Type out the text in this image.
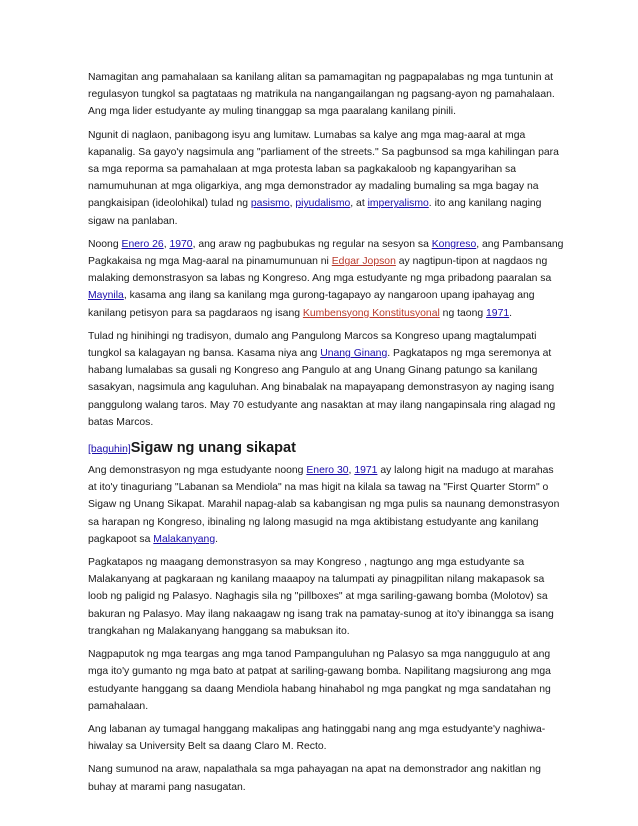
Namagitan ang pamahalaan sa kanilang alitan sa pamamagitan ng pagpapalabas ng mga tuntunin at regulasyon tungkol sa pagtataas ng matrikula na nangangailangan ng pagsang-ayon ng pamahalaan. Ang mga lider estudyante ay muling tinanggap sa mga paaralang kanilang pinili.

Ngunit di naglaon, panibagong isyu ang lumitaw. Lumabas sa kalye ang mga mag-aaral at mga kapanalig. Sa gayo'y nagsimula ang "parliament of the streets." Sa pagbunsod sa mga kahilingan para sa mga reporma sa pamahalaan at mga protesta laban sa pagkakaloob ng kapangyarihan sa namumuhunan at mga oligarkiya, ang mga demonstrador ay madaling bumaling sa mga bagay na pangkaisipan (ideolohikal) tulad ng pasismo, piyudalismo, at imperyalismo. ito ang kanilang naging sigaw na panlaban.

Noong Enero 26, 1970, ang araw ng pagbubukas ng regular na sesyon sa Kongreso, ang Pambansang Pagkakaisa ng mga Mag-aaral na pinamumunuan ni Edgar Jopson ay nagtipun-tipon at nagdaos ng malaking demonstrasyon sa labas ng Kongreso. Ang mga estudyante ng mga pribadong paaralan sa Maynila, kasama ang ilang sa kanilang mga gurong-tagapayo ay nangaroon upang ipahayag ang kanilang petisyon para sa pagdaraos ng isang Kumbensyong Konstitusyonal ng taong 1971.

Tulad ng hinihingi ng tradisyon, dumalo ang Pangulong Marcos sa Kongreso upang magtalumpati tungkol sa kalagayan ng bansa. Kasama niya ang Unang Ginang. Pagkatapos ng mga seremonya at habang lumalabas sa gusali ng Kongreso ang Pangulo at ang Unang Ginang patungo sa kanilang sasakyan, nagsimula ang kaguluhan. Ang binabalak na mapayapang demonstrasyon ay naging isang panggulong walang taros. May 70 estudyante ang nasaktan at may ilang nangapinsala ring alagad ng batas Marcos.

[baguhin]Sigaw ng unang sikapat

Ang demonstrasyon ng mga estudyante noong Enero 30, 1971 ay lalong higit na madugo at marahas at ito'y tinaguriang "Labanan sa Mendiola" na mas higit na kilala sa tawag na "First Quarter Storm" o Sigaw ng Unang Sikapat. Marahil napag-alab sa kabangisan ng mga pulis sa naunang demonstrasyon sa harapan ng Kongreso, ibinaling ng lalong masugid na mga aktibistang estudyante ang kanilang pagkapoot sa Malakanyang.

Pagkatapos ng maagang demonstrasyon sa may Kongreso , nagtungo ang mga estudyante sa Malakanyang at pagkaraan ng kanilang maaapoy na talumpati ay pinagpilitan nilang makapasok sa loob ng paligid ng Palasyo. Naghagis sila ng "pillboxes" at mga sariling-gawang bomba (Molotov) sa bakuran ng Palasyo. May ilang nakaagaw ng isang trak na pamatay-sunog at ito'y ibinangga sa isang trangkahan ng Malakanyang hanggang sa mabuksan ito.

Nagpaputok ng mga teargas ang mga tanod Pampanguluhan ng Palasyo sa mga nanggugulo at ang mga ito'y gumanto ng mga bato at patpat at sariling-gawang bomba. Napilitang magsiurong ang mga estudyante hanggang sa daang Mendiola habang hinahabol ng mga pangkat ng mga sandatahan ng pamahalaan.

Ang labanan ay tumagal hanggang makalipas ang hatinggabi nang ang mga estudyante'y naghiwa-hiwalay sa University Belt sa daang Claro M. Recto.

Nang sumunod na araw, napalathala sa mga pahayagan na apat na demonstrador ang nakitlan ng buhay at marami pang nasugatan.
